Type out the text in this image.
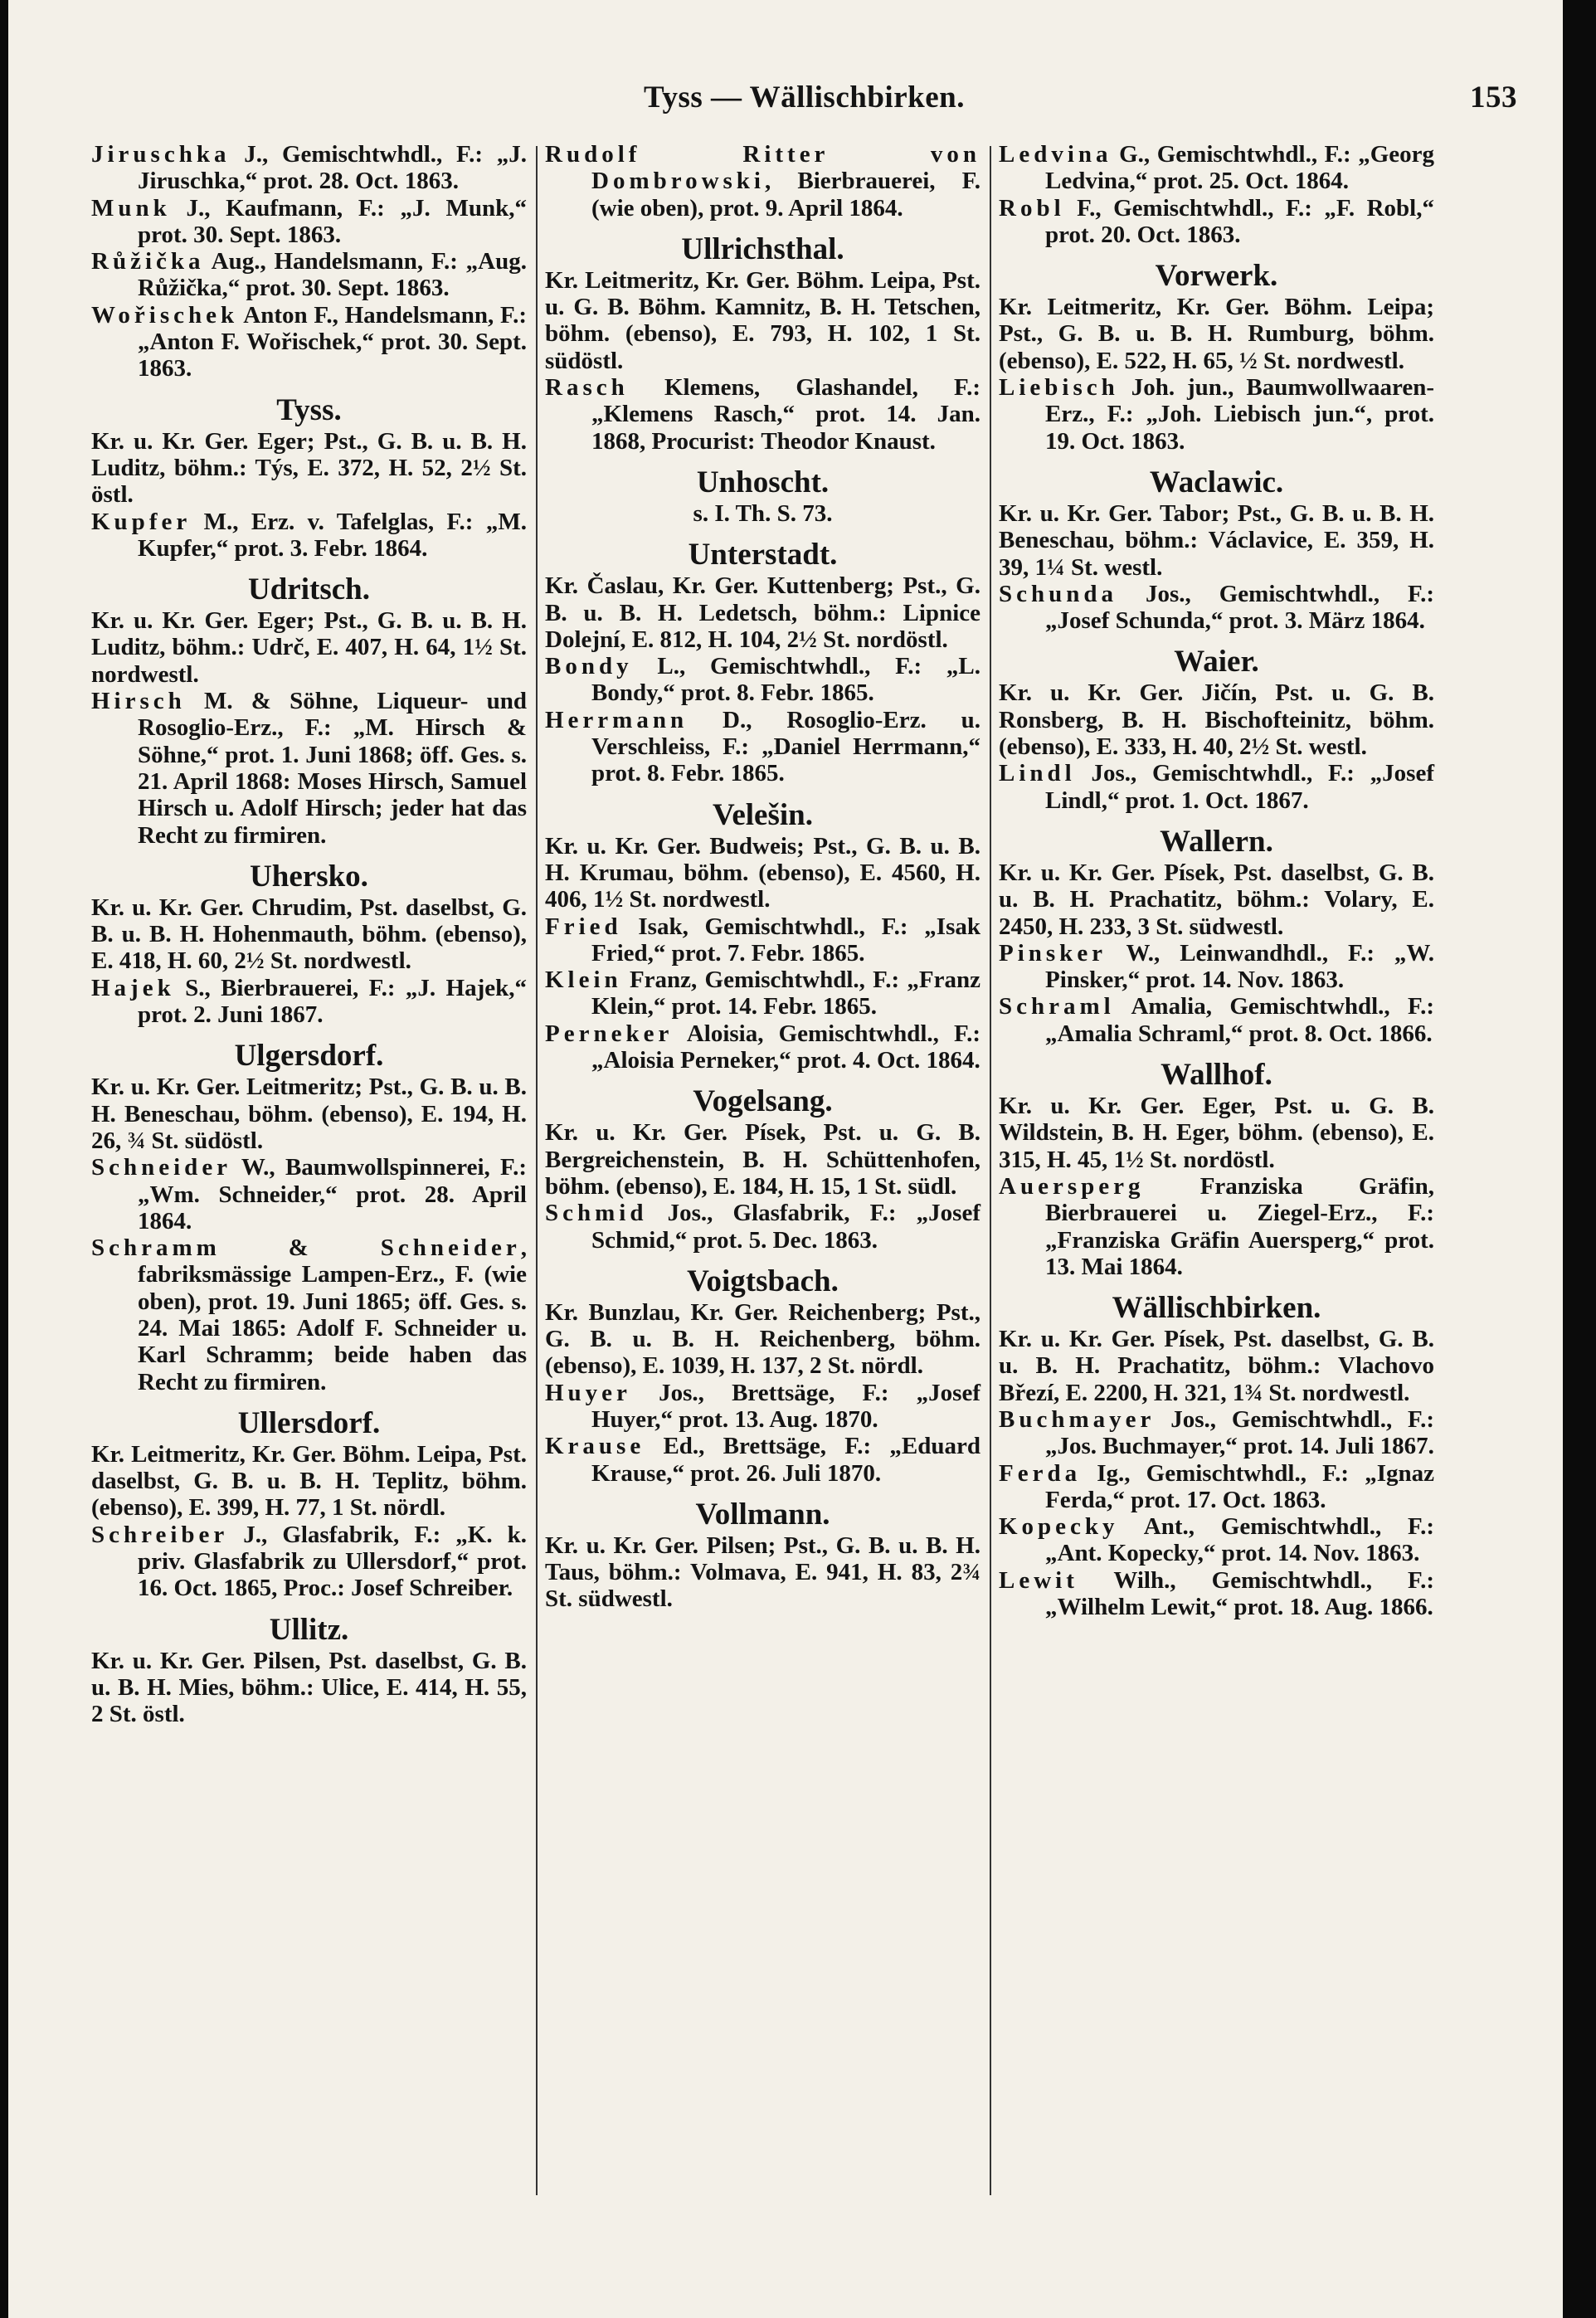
Tyss — Wällischbirken.	153
Jiruschka J., Gemischtwhdl., F.: „J. Jiruschka,“ prot. 28. Oct. 1863.
Munk J., Kaufmann, F.: „J. Munk,“ prot. 30. Sept. 1863.
Růžička Aug., Handelsmann, F.: „Aug. Růžička,“ prot. 30. Sept. 1863.
Wořischek Anton F., Handelsmann, F.: „Anton F. Wořischek,“ prot. 30. Sept. 1863.
Tyss.
Kr. u. Kr. Ger. Eger; Pst., G. B. u. B. H. Luditz, böhm.: Týs, E. 372, H. 52, 2½ St. östl.
Kupfer M., Erz. v. Tafelglas, F.: „M. Kupfer,“ prot. 3. Febr. 1864.
Udritsch.
Kr. u. Kr. Ger. Eger; Pst., G. B. u. B. H. Luditz, böhm.: Udrč, E. 407, H. 64, 1½ St. nordwestl.
Hirsch M. & Söhne, Liqueur- und Rosoglio-Erz., F.: „M. Hirsch & Söhne,“ prot. 1. Juni 1868; öff. Ges. s. 21. April 1868: Moses Hirsch, Samuel Hirsch u. Adolf Hirsch; jeder hat das Recht zu firmiren.
Uhersko.
Kr. u. Kr. Ger. Chrudim, Pst. daselbst, G. B. u. B. H. Hohenmauth, böhm. (ebenso), E. 418, H. 60, 2½ St. nordwestl.
Hajek S., Bierbrauerei, F.: „J. Hajek,“ prot. 2. Juni 1867.
Ulgersdorf.
Kr. u. Kr. Ger. Leitmeritz; Pst., G. B. u. B. H. Beneschau, böhm. (ebenso), E. 194, H. 26, ¾ St. südöstl.
Schneider W., Baumwollspinnerei, F.: „Wm. Schneider,“ prot. 28. April 1864.
Schramm & Schneider, fabriksmässige Lampen-Erz., F. (wie oben), prot. 19. Juni 1865; öff. Ges. s. 24. Mai 1865: Adolf F. Schneider u. Karl Schramm; beide haben das Recht zu firmiren.
Ullersdorf.
Kr. Leitmeritz, Kr. Ger. Böhm. Leipa, Pst. daselbst, G. B. u. B. H. Teplitz, böhm. (ebenso), E. 399, H. 77, 1 St. nördl.
Schreiber J., Glasfabrik, F.: „K. k. priv. Glasfabrik zu Ullersdorf,“ prot. 16. Oct. 1865, Proc.: Josef Schreiber.
Ullitz.
Kr. u. Kr. Ger. Pilsen, Pst. daselbst, G. B. u. B. H. Mies, böhm.: Ulice, E. 414, H. 55, 2 St. östl.
Rudolf Ritter von Dombrowski, Bierbrauerei, F. (wie oben), prot. 9. April 1864.
Ullrichsthal.
Kr. Leitmeritz, Kr. Ger. Böhm. Leipa, Pst. u. G. B. Böhm. Kamnitz, B. H. Tetschen, böhm. (ebenso), E. 793, H. 102, 1 St. südöstl.
Rasch Klemens, Glashandel, F.: „Klemens Rasch,“ prot. 14. Jan. 1868, Procurist: Theodor Knaust.
Unhoscht.
s. I. Th. S. 73.
Unterstadt.
Kr. Časlau, Kr. Ger. Kuttenberg; Pst., G. B. u. B. H. Ledetsch, böhm.: Lipnice Dolejní, E. 812, H. 104, 2½ St. nordöstl.
Bondy L., Gemischtwhdl., F.: „L. Bondy,“ prot. 8. Febr. 1865.
Herrmann D., Rosoglio-Erz. u. Verschleiss, F.: „Daniel Herrmann,“ prot. 8. Febr. 1865.
Velešin.
Kr. u. Kr. Ger. Budweis; Pst., G. B. u. B. H. Krumau, böhm. (ebenso), E. 4560, H. 406, 1½ St. nordwestl.
Fried Isak, Gemischtwhdl., F.: „Isak Fried,“ prot. 7. Febr. 1865.
Klein Franz, Gemischtwhdl., F.: „Franz Klein,“ prot. 14. Febr. 1865.
Perneker Aloisia, Gemischtwhdl., F.: „Aloisia Perneker,“ prot. 4. Oct. 1864.
Vogelsang.
Kr. u. Kr. Ger. Písek, Pst. u. G. B. Bergreichenstein, B. H. Schüttenhofen, böhm. (ebenso), E. 184, H. 15, 1 St. südl.
Schmid Jos., Glasfabrik, F.: „Josef Schmid,“ prot. 5. Dec. 1863.
Voigtsbach.
Kr. Bunzlau, Kr. Ger. Reichenberg; Pst., G. B. u. B. H. Reichenberg, böhm. (ebenso), E. 1039, H. 137, 2 St. nördl.
Huyer Jos., Brettsäge, F.: „Josef Huyer,“ prot. 13. Aug. 1870.
Krause Ed., Brettsäge, F.: „Eduard Krause,“ prot. 26. Juli 1870.
Vollmann.
Kr. u. Kr. Ger. Pilsen; Pst., G. B. u. B. H. Taus, böhm.: Volmava, E. 941, H. 83, 2¾ St. südwestl.
Ledvina G., Gemischtwhdl., F.: „Georg Ledvina,“ prot. 25. Oct. 1864.
Robl F., Gemischtwhdl., F.: „F. Robl,“ prot. 20. Oct. 1863.
Vorwerk.
Kr. Leitmeritz, Kr. Ger. Böhm. Leipa; Pst., G. B. u. B. H. Rumburg, böhm. (ebenso), E. 522, H. 65, ½ St. nordwestl.
Liebisch Joh. jun., Baumwollwaaren-Erz., F.: „Joh. Liebisch jun.“, prot. 19. Oct. 1863.
Waclawic.
Kr. u. Kr. Ger. Tabor; Pst., G. B. u. B. H. Beneschau, böhm.: Václavice, E. 359, H. 39, 1¼ St. westl.
Schunda Jos., Gemischtwhdl., F.: „Josef Schunda,“ prot. 3. März 1864.
Waier.
Kr. u. Kr. Ger. Jičín, Pst. u. G. B. Ronsberg, B. H. Bischofteinitz, böhm. (ebenso), E. 333, H. 40, 2½ St. westl.
Lindl Jos., Gemischtwhdl., F.: „Josef Lindl,“ prot. 1. Oct. 1867.
Wallern.
Kr. u. Kr. Ger. Písek, Pst. daselbst, G. B. u. B. H. Prachatitz, böhm.: Volary, E. 2450, H. 233, 3 St. südwestl.
Pinsker W., Leinwandhdl., F.: „W. Pinsker,“ prot. 14. Nov. 1863.
Schraml Amalia, Gemischtwhdl., F.: „Amalia Schraml,“ prot. 8. Oct. 1866.
Wallhof.
Kr. u. Kr. Ger. Eger, Pst. u. G. B. Wildstein, B. H. Eger, böhm. (ebenso), E. 315, H. 45, 1½ St. nordöstl.
Auersperg Franziska Gräfin, Bierbrauerei u. Ziegel-Erz., F.: „Franziska Gräfin Auersperg,“ prot. 13. Mai 1864.
Wällischbirken.
Kr. u. Kr. Ger. Písek, Pst. daselbst, G. B. u. B. H. Prachatitz, böhm.: Vlachovo Březí, E. 2200, H. 321, 1¾ St. nordwestl.
Buchmayer Jos., Gemischtwhdl., F.: „Jos. Buchmayer,“ prot. 14. Juli 1867.
Ferda Ig., Gemischtwhdl., F.: „Ignaz Ferda,“ prot. 17. Oct. 1863.
Kopecky Ant., Gemischtwhdl., F.: „Ant. Kopecky,“ prot. 14. Nov. 1863.
Lewit Wilh., Gemischtwhdl., F.: „Wilhelm Lewit,“ prot. 18. Aug. 1866.
